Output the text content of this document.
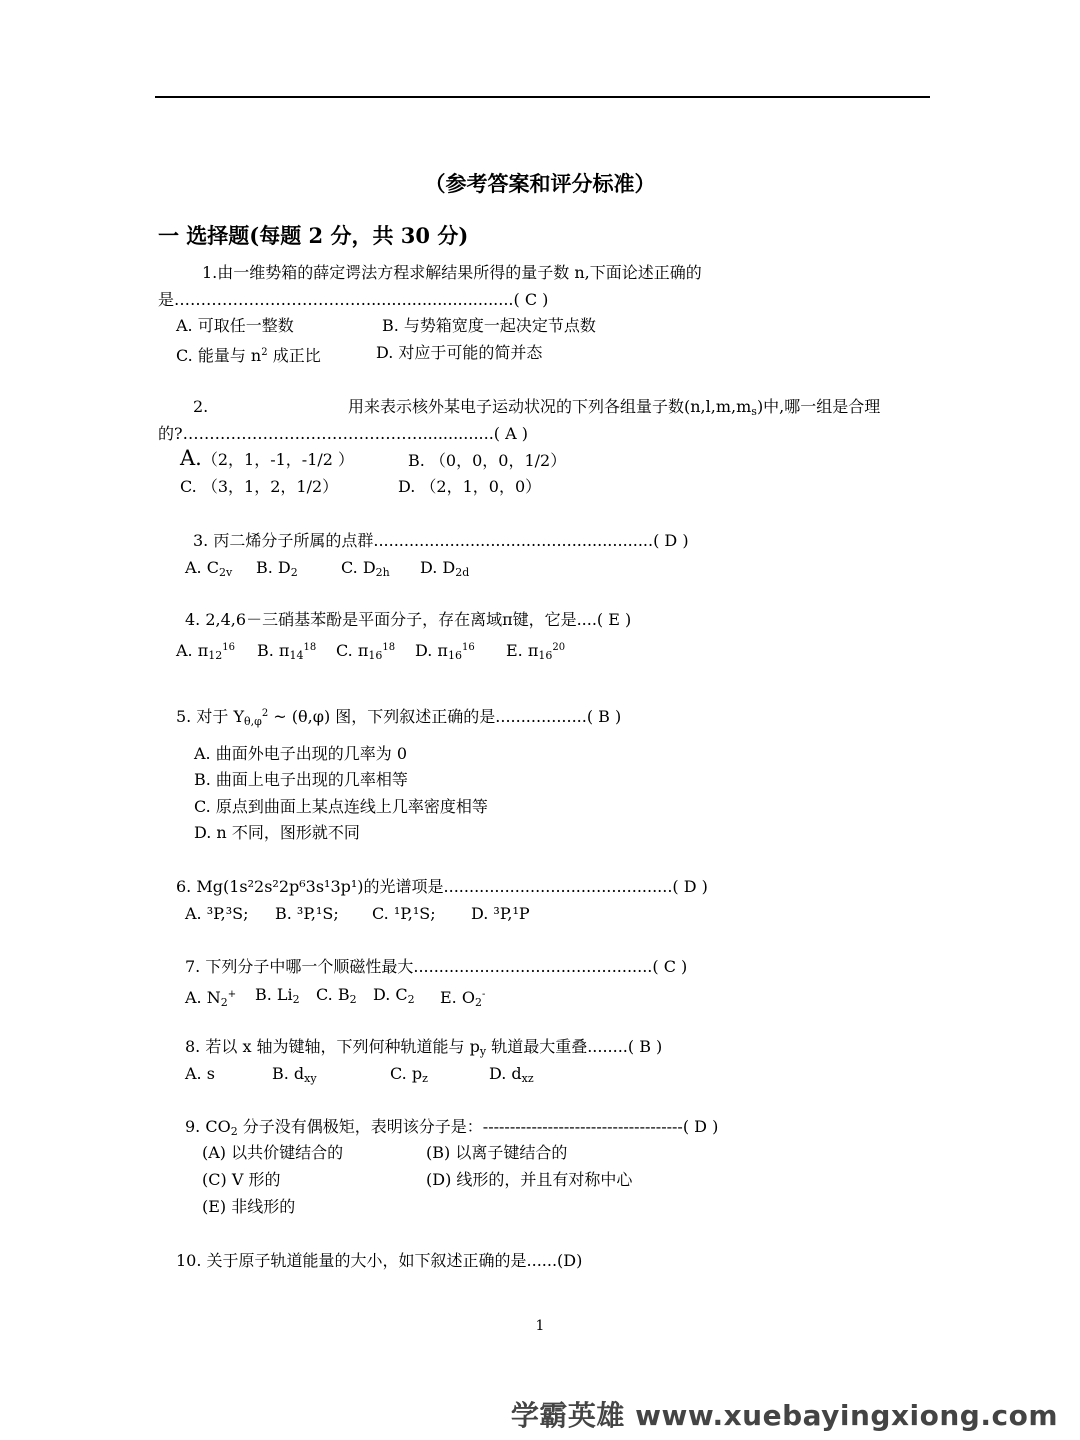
（参考答案和评分标准）
一 选择题(每题 2 分，共 30 分)
1.由一维势箱的薛定谔法方程求解结果所得的量子数 n,下面论述正确的
是……………………………….............................( C )
A. 可取任一整数	B. 与势箱宽度一起决定节点数
C. 能量与 $n^2$ 成正比	D. 对应于可能的简并态
2.	用来表示核外某电子运动状况的下列各组量子数$(n,l,m,m_s)$中,哪一组是合理
的?………………………………………..............( A )
A.（2，1，-1，-1/2 ）	B. （0，0，0，1/2）
C. （3，1，2，1/2）	D. （2，1，0，0）
3. 丙二烯分子所属的点群.......................................................( D )
A. $C_{2v}$ B. $D_2$	C. $D_{2h}$ D. $D_{2d}$
4. 2,4,6－三硝基苯酚是平面分子，存在离域π键，它是....( E )
A. $\pi_{12}^{16}$ B. $\pi_{14}^{18}$ C. $\pi_{16}^{18}$ D. $\pi_{16}^{16}$ E. $\pi_{16}^{20}$
5. 对于 $Y_{\theta,\varphi}^2$ ~ (θ,φ) 图，下列叙述正确的是..................( B )
A. 曲面外电子出现的几率为 0
B. 曲面上电子出现的几率相等
C. 原点到曲面上某点连线上几率密度相等
D. n 不同，图形就不同
6. Mg(1s²2s²2p⁶3s¹3p¹)的光谱项是.............................................( D )
A. ³P,³S; B. ³P,¹S; C. ¹P,¹S; D. ³P,¹P
7. 下列分子中哪一个顺磁性最大...............................................( C )
A. $N_2^+$ B. $Li_2$ C. $B_2$ D. $C_2$ E. $O_2^-$
8. 若以 x 轴为键轴，下列何种轨道能与 $p_y$ 轨道最大重叠........( B )
A. s	B. $d_{xy}$	C. $p_z$	D. $d_{xz}$
9. $CO_2$ 分子没有偶极矩，表明该分子是：-------------------------------------( D )
(A) 以共价键结合的	(B) 以离子键结合的
(C) V 形的	(D) 线形的，并且有对称中心
(E) 非线形的
10. 关于原子轨道能量的大小，如下叙述正确的是......(D)
1
学霸英雄 www.xuebayingxiong.com
